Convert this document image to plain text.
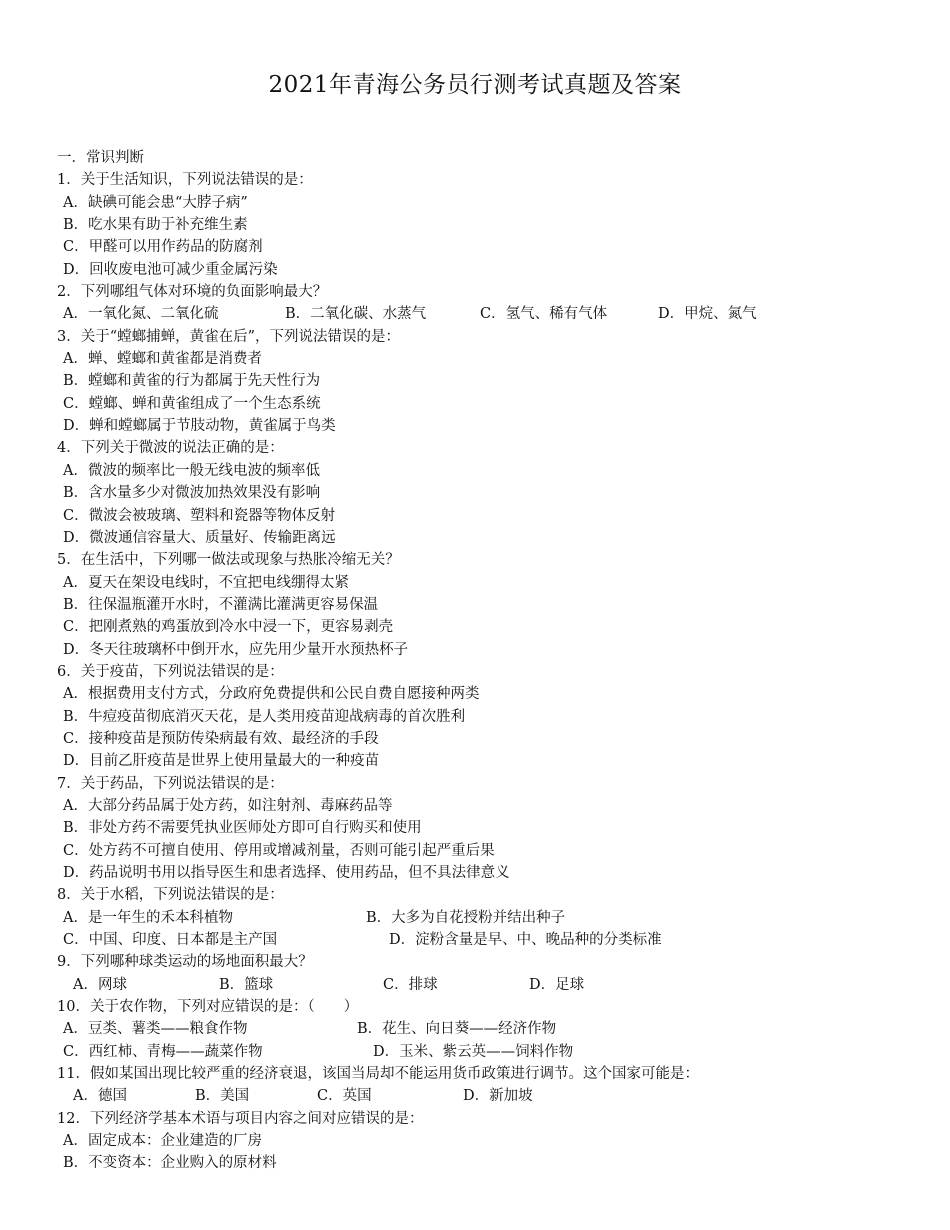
2021年青海公务员行测考试真题及答案
一．常识判断
1．关于生活知识，下列说法错误的是：
A．缺碘可能会患“大脖子病”
B．吃水果有助于补充维生素
C．甲醛可以用作药品的防腐剂
D．回收废电池可减少重金属污染
2．下列哪组气体对环境的负面影响最大？
A．一氧化氮、二氧化硫	B．二氧化碳、水蒸气	C．氢气、稀有气体	D．甲烷、氮气
3．关于“螳螂捕蝉，黄雀在后”，下列说法错误的是：
A．蝉、螳螂和黄雀都是消费者
B．螳螂和黄雀的行为都属于先天性行为
C．螳螂、蝉和黄雀组成了一个生态系统
D．蝉和螳螂属于节肢动物，黄雀属于鸟类
4．下列关于微波的说法正确的是：
A．微波的频率比一般无线电波的频率低
B．含水量多少对微波加热效果没有影响
C．微波会被玻璃、塑料和瓷器等物体反射
D．微波通信容量大、质量好、传输距离远
5．在生活中，下列哪一做法或现象与热胀冷缩无关？
A．夏天在架设电线时，不宜把电线绷得太紧
B．往保温瓶灌开水时，不灌满比灌满更容易保温
C．把刚煮熟的鸡蛋放到冷水中浸一下，更容易剥壳
D．冬天往玻璃杯中倒开水，应先用少量开水预热杯子
6．关于疫苗，下列说法错误的是：
A．根据费用支付方式，分政府免费提供和公民自费自愿接种两类
B．牛痘疫苗彻底消灭天花，是人类用疫苗迎战病毒的首次胜利
C．接种疫苗是预防传染病最有效、最经济的手段
D．目前乙肝疫苗是世界上使用量最大的一种疫苗
7．关于药品，下列说法错误的是：
A．大部分药品属于处方药，如注射剂、毒麻药品等
B．非处方药不需要凭执业医师处方即可自行购买和使用
C．处方药不可擅自使用、停用或增减剂量，否则可能引起严重后果
D．药品说明书用以指导医生和患者选择、使用药品，但不具法律意义
8．关于水稻，下列说法错误的是：
A．是一年生的禾本科植物	B．大多为自花授粉并结出种子
C．中国、印度、日本都是主产国	D．淀粉含量是早、中、晚品种的分类标准
9．下列哪种球类运动的场地面积最大？
A．网球	B．篮球	C．排球	D．足球
10．关于农作物，下列对应错误的是：（　　）
A．豆类、薯类——粮食作物	B．花生、向日葵——经济作物
C．西红柿、青梅——蔬菜作物	D．玉米、紫云英——饲料作物
11．假如某国出现比较严重的经济衰退，该国当局却不能运用货币政策进行调节。这个国家可能是：
A．德国	B．美国	C．英国	D．新加坡
12．下列经济学基本术语与项目内容之间对应错误的是：
A．固定成本：企业建造的厂房
B．不变资本：企业购入的原材料
